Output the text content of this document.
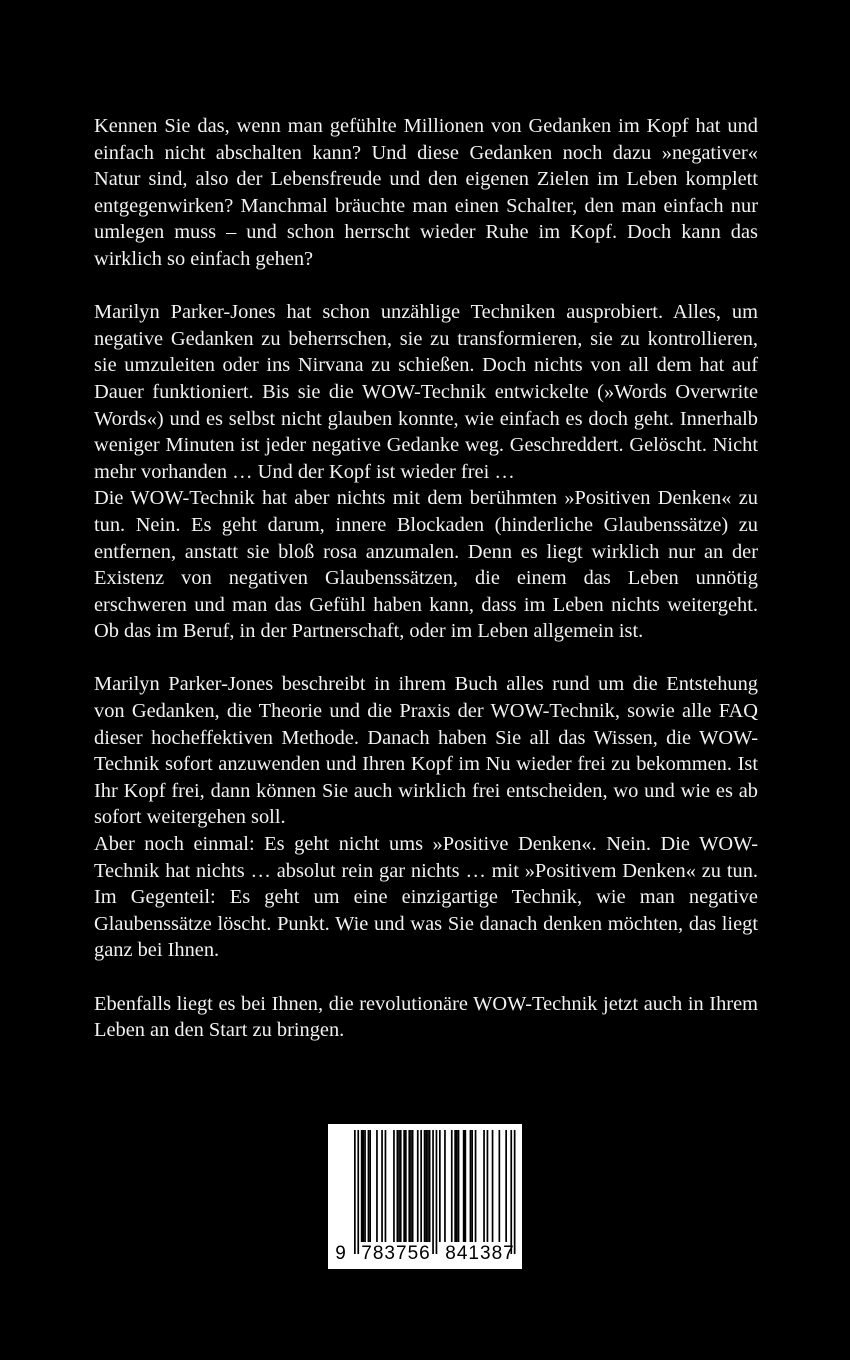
Kennen Sie das, wenn man gefühlte Millionen von Gedanken im Kopf hat und einfach nicht abschalten kann? Und diese Gedanken noch dazu »negativer« Natur sind, also der Lebensfreude und den eigenen Zielen im Leben komplett entgegenwirken? Manchmal bräuchte man einen Schalter, den man einfach nur umlegen muss – und schon herrscht wieder Ruhe im Kopf. Doch kann das wirklich so einfach gehen?

Marilyn Parker-Jones hat schon unzählige Techniken ausprobiert. Alles, um negative Gedanken zu beherrschen, sie zu transformieren, sie zu kontrollieren, sie umzuleiten oder ins Nirvana zu schießen. Doch nichts von all dem hat auf Dauer funktioniert. Bis sie die WOW-Technik entwickelte (»Words Overwrite Words«) und es selbst nicht glauben konnte, wie einfach es doch geht. Innerhalb weniger Minuten ist jeder negative Gedanke weg. Geschreddert. Gelöscht. Nicht mehr vorhanden … Und der Kopf ist wieder frei …

Die WOW-Technik hat aber nichts mit dem berühmten »Positiven Denken« zu tun. Nein. Es geht darum, innere Blockaden (hinderliche Glaubenssätze) zu entfernen, anstatt sie bloß rosa anzumalen. Denn es liegt wirklich nur an der Existenz von negativen Glaubenssätzen, die einem das Leben unnötig erschweren und man das Gefühl haben kann, dass im Leben nichts weitergeht. Ob das im Beruf, in der Partnerschaft, oder im Leben allgemein ist.

Marilyn Parker-Jones beschreibt in ihrem Buch alles rund um die Entstehung von Gedanken, die Theorie und die Praxis der WOW-Technik, sowie alle FAQ dieser hocheffektiven Methode. Danach haben Sie all das Wissen, die WOW-Technik sofort anzuwenden und Ihren Kopf im Nu wieder frei zu bekommen. Ist Ihr Kopf frei, dann können Sie auch wirklich frei entscheiden, wo und wie es ab sofort weitergehen soll.

Aber noch einmal: Es geht nicht ums »Positive Denken«. Nein. Die WOW-Technik hat nichts … absolut rein gar nichts … mit »Positivem Denken« zu tun. Im Gegenteil: Es geht um eine einzigartige Technik, wie man negative Glaubenssätze löscht. Punkt. Wie und was Sie danach denken möchten, das liegt ganz bei Ihnen.

Ebenfalls liegt es bei Ihnen, die revolutionäre WOW-Technik jetzt auch in Ihrem Leben an den Start zu bringen.

9 783756 841387
